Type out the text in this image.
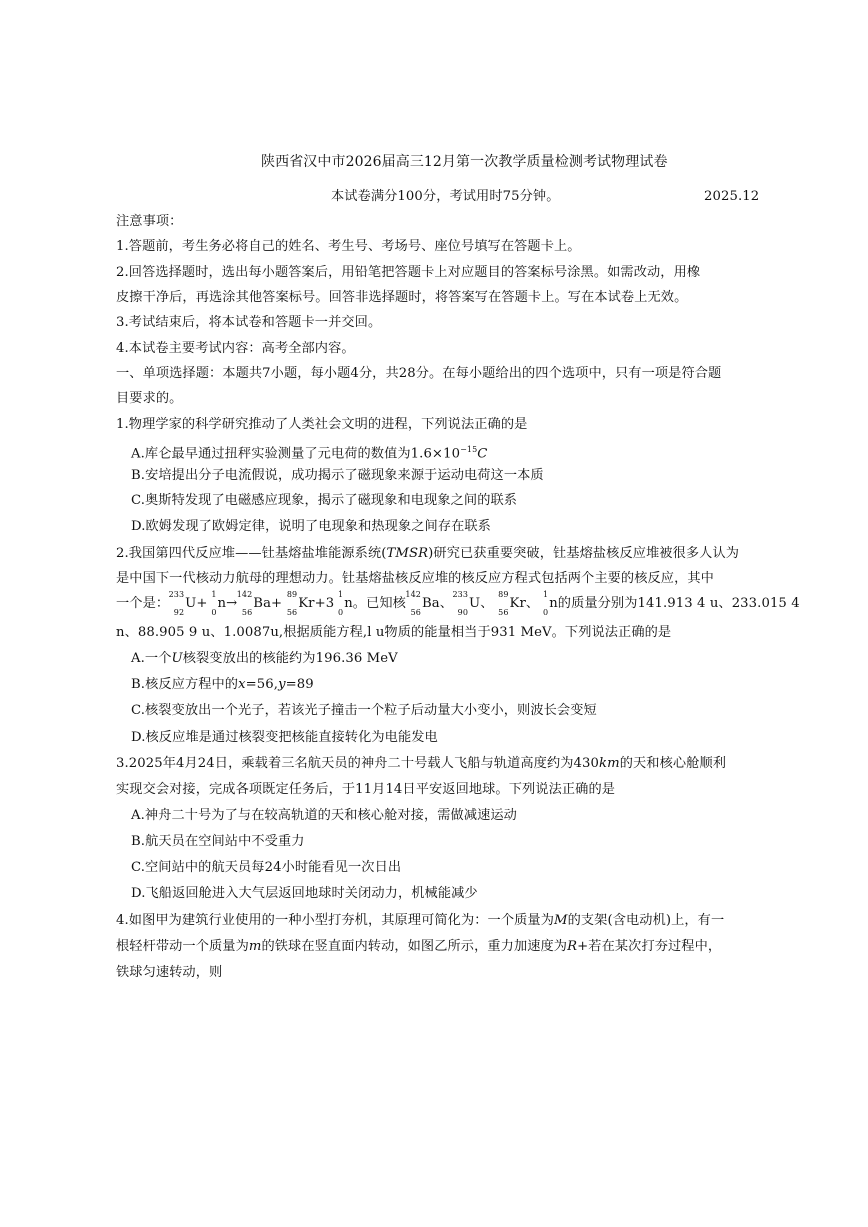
陕西省汉中市2026届高三12月第一次教学质量检测考试物理试卷
本试卷满分100分，考试用时75分钟。	2025.12
注意事项：
1.答题前，考生务必将自己的姓名、考生号、考场号、座位号填写在答题卡上。
2.回答选择题时，选出每小题答案后，用铅笔把答题卡上对应题目的答案标号涂黑。如需改动，用橡
皮擦干净后，再选涂其他答案标号。回答非选择题时，将答案写在答题卡上。写在本试卷上无效。
3.考试结束后，将本试卷和答题卡一并交回。
4.本试卷主要考试内容：高考全部内容。
一、单项选择题：本题共7小题，每小题4分，共28分。在每小题给出的四个选项中，只有一项是符合题
目要求的。
1.物理学家的科学研究推动了人类社会文明的进程，下列说法正确的是
A.库仑最早通过扭秤实验测量了元电荷的数值为$1.6\times 10^{-15}C$
B.安培提出分子电流假说，成功揭示了磁现象来源于运动电荷这一本质
C.奥斯特发现了电磁感应现象，揭示了磁现象和电现象之间的联系
D.欧姆发现了欧姆定律，说明了电现象和热现象之间存在联系
2.我国第四代反应堆——钍基熔盐堆能源系统(TMSR)研究已获重要突破，钍基熔盐核反应堆被很多人认为
是中国下一代核动力航母的理想动力。钍基熔盐核反应堆的核反应方程式包括两个主要的核反应，其中
一个是：
233
92
U+
1
0
n→
142
56
Ba+
89
56
Kr+3
1
0
n。已知核
142
56
Ba、
233
90
U、
89
56
Kr、
1
0
n的质量分别为141.913 4 u、233.015 4
n、88.905 9 u、1.0087u,根据质能方程,l u物质的能量相当于931 MeV。下列说法正确的是
A.一个U核裂变放出的核能约为196.36 MeV
B.核反应方程中的x=56,y=89
C.核裂变放出一个光子，若该光子撞击一个粒子后动量大小变小，则波长会变短
D.核反应堆是通过核裂变把核能直接转化为电能发电
3.2025年4月24日，乘载着三名航天员的神舟二十号载人飞船与轨道高度约为430km的天和核心舱顺利
实现交会对接，完成各项既定任务后，于11月14日平安返回地球。下列说法正确的是
A.神舟二十号为了与在较高轨道的天和核心舱对接，需做减速运动
B.航天员在空间站中不受重力
C.空间站中的航天员每24小时能看见一次日出
D.飞船返回舱进入大气层返回地球时关闭动力，机械能减少
4.如图甲为建筑行业使用的一种小型打夯机，其原理可简化为：一个质量为M的支架(含电动机)上，有一
根轻杆带动一个质量为m的铁球在竖直面内转动，如图乙所示，重力加速度为R+若在某次打夯过程中，
铁球匀速转动，则
